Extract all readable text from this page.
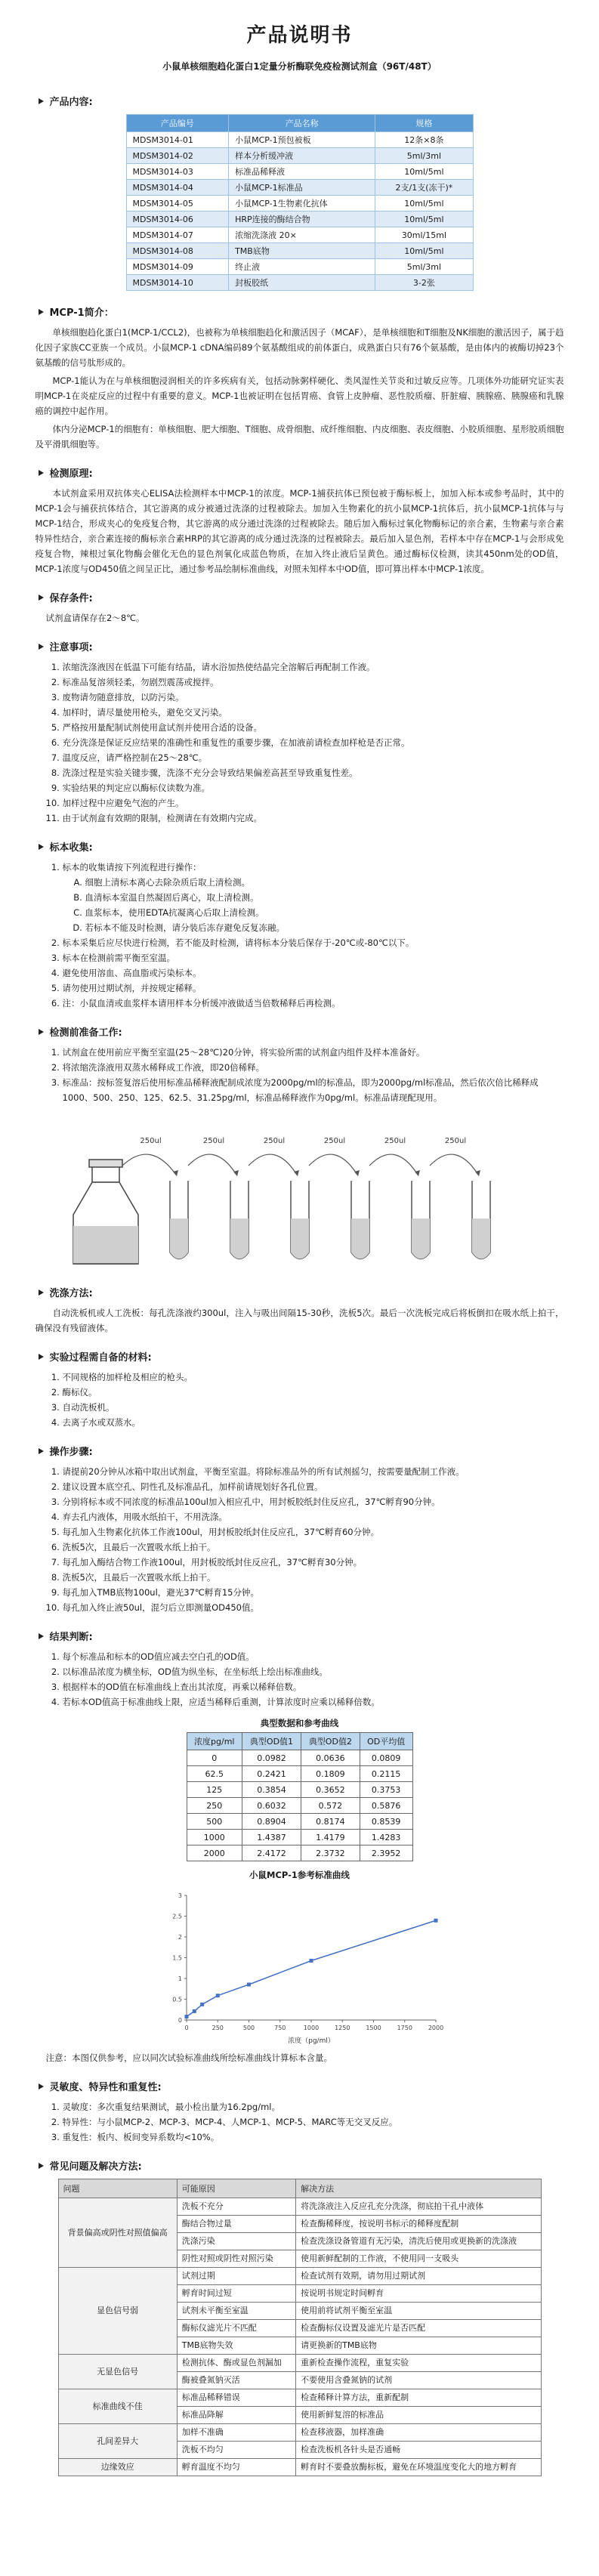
产品说明书
小鼠单核细胞趋化蛋白1定量分析酶联免疫检测试剂盒（96T/48T）
产品内容:
产品编号	产品名称	规格
MDSM3014-01	小鼠MCP-1预包被板	12条×8条
MDSM3014-02	样本分析缓冲液	5ml/3ml
MDSM3014-03	标准品稀释液	10ml/5ml
MDSM3014-04	小鼠MCP-1标准品	2支/1支(冻干)*
MDSM3014-05	小鼠MCP-1生物素化抗体	10ml/5ml
MDSM3014-06	HRP连接的酶结合物	10ml/5ml
MDSM3014-07	浓缩洗涤液 20×	30ml/15ml
MDSM3014-08	TMB底物	10ml/5ml
MDSM3014-09	终止液	5ml/3ml
MDSM3014-10	封板胶纸	3-2张
MCP-1简介：

单核细胞趋化蛋白1(MCP-1/CCL2)，也被称为单核细胞趋化和激活因子（MCAF），是单核细胞和T细胞及NK细胞的激活因子，属于趋化因子家族CC亚族一个成员。小鼠MCP-1 cDNA编码89个氨基酸组成的前体蛋白，成熟蛋白只有76个氨基酸，是由体内的被酶切掉23个氨基酸的信号肽形成的。

MCP-1能认为在与单核细胞浸润相关的许多疾病有关，包括动脉粥样硬化、类风湿性关节炎和过敏反应等。几项体外功能研究证实表明MCP-1在炎症反应的过程中有重要的意义。MCP-1也被证明在包括胃癌、食管上皮肿瘤、恶性胶质瘤、肝脏瘤、胰腺癌、胰腺癌和乳腺癌的调控中起作用。

体内分泌MCP-1的细胞有：单核细胞、肥大细胞、T细胞、成骨细胞、成纤维细胞、内皮细胞、表皮细胞、小胶质细胞、星形胶质细胞及平滑肌细胞等。

检测原理:

本试剂盒采用双抗体夹心ELISA法检测样本中MCP-1的浓度。MCP-1捕获抗体已预包被于酶标板上，加加入标本或参考品时，其中的MCP-1会与捕获抗体结合，其它游离的成分被通过洗涤的过程被除去。加加入生物素化的抗小鼠MCP-1抗体后，抗小鼠MCP-1抗体与与MCP-1结合，形成夹心的免疫复合物，其它游离的成分通过洗涤的过程被除去。随后加入酶标过氧化物酶标记的亲合素，生物素与亲合素特异性结合，亲合素连接的酶标亲合素HRP的其它游离的成分通过洗涤的过程被除去。最后加入显色剂，若样本中存在MCP-1与会形成免疫复合物，辣根过氧化物酶会催化无色的显色剂氧化成蓝色物质，在加入终止液后呈黄色。通过酶标仪检测，读其450nm处的OD值，MCP-1浓度与OD450值之间呈正比，通过参考品绘制标准曲线，对照未知样本中OD值，即可算出样本中MCP-1浓度。

保存条件:

试剂盒请保存在2～8℃。

注意事项:
1. 浓缩洗涤液因在低温下可能有结晶，请水浴加热使结晶完全溶解后再配制工作液。
2. 标准品复溶须轻柔，勿剧烈震荡或搅拌。
3. 废物请勿随意排放，以防污染。
4. 加样时，请尽量使用枪头，避免交叉污染。
5. 严格按用量配制试剂使用盒试剂并使用合适的设备。
6. 充分洗涤是保证反应结果的准确性和重复性的重要步骤，在加液前请检查加样枪是否正常。
7. 温度反应，请严格控制在25～28℃。
8. 洗涤过程是实验关键步骤，洗涤不充分会导致结果偏差高甚至导致重复性差。
9. 实验结果的判定应以酶标仪读数为准。
10. 加样过程中应避免气泡的产生。
11. 由于试剂盒有效期的限制，检测请在有效期内完成。
标本收集:
1. 标本的收集请按下列流程进行操作：
A. 细胞上清标本离心去除杂质后取上清检测。
B. 血清标本室温自然凝固后离心，取上清检测。
C. 血浆标本，使用EDTA抗凝离心后取上清检测。
D. 若标本不能及时检测，请分装后冻存避免反复冻融。
2. 标本采集后应尽快进行检测，若不能及时检测，请将标本分装后保存于-20℃或-80℃以下。
3. 标本在检测前需平衡至室温。
4. 避免使用溶血、高血脂或污染标本。
5. 请勿使用过期试剂，并按规定稀释。
6. 注：小鼠血清或血浆样本请用样本分析缓冲液做适当倍数稀释后再检测。
检测前准备工作:
1. 试剂盒在使用前应平衡至室温(25～28℃)20分钟，将实验所需的试剂盒内组件及样本准备好。
2. 将浓缩洗涤液用双蒸水稀释成工作液，即20倍稀释。
3. 标准品：按标签复溶后使用标准品稀释液配制成浓度为2000pg/ml的标准品，即为2000pg/ml标准品，然后依次倍比稀释成1000、500、250、125、62.5、31.25pg/ml，标准品稀释液作为0pg/ml。标准品请现配现用。
250ul	250ul	250ul	250ul	250ul	250ul
洗涤方法:

自动洗板机或人工洗板：每孔洗涤液约300ul，注入与吸出间隔15-30秒，洗板5次。最后一次洗板完成后将板倒扣在吸水纸上拍干，确保没有残留液体。

实验过程需自备的材料:
1. 不同规格的加样枪及相应的枪头。
2. 酶标仪。
3. 自动洗板机。
4. 去离子水或双蒸水。
操作步骤:
1. 请提前20分钟从冰箱中取出试剂盒，平衡至室温。将除标准品外的所有试剂摇匀，按需要量配制工作液。
2. 建议设置本底空孔、阴性孔及标准品孔，加样前请规划好各孔位置。
3. 分别将标本或不同浓度的标准品100ul加入相应孔中，用封板胶纸封住反应孔，37℃孵育90分钟。
4. 弃去孔内液体，用吸水纸拍干，不用洗涤。
5. 每孔加入生物素化抗体工作液100ul，用封板胶纸封住反应孔，37℃孵育60分钟。
6. 洗板5次，且最后一次置吸水纸上拍干。
7. 每孔加入酶结合物工作液100ul，用封板胶纸封住反应孔，37℃孵育30分钟。
8. 洗板5次，且最后一次置吸水纸上拍干。
9. 每孔加入TMB底物100ul，避光37℃孵育15分钟。
10. 每孔加入终止液50ul，混匀后立即测量OD450值。
结果判断:
1. 每个标准品和标本的OD值应减去空白孔的OD值。
2. 以标准品浓度为横坐标，OD值为纵坐标，在坐标纸上绘出标准曲线。
3. 根据样本的OD值在标准曲线上查出其浓度，再乘以稀释倍数。
4. 若标本OD值高于标准曲线上限，应适当稀释后重测，计算浓度时应乘以稀释倍数。
典型数据和参考曲线
浓度pg/ml	典型OD值1	典型OD值2	OD平均值
0	0.0982	0.0636	0.0809
62.5	0.2421	0.1809	0.2115
125	0.3854	0.3652	0.3753
250	0.6032	0.572	0.5876
500	0.8904	0.8174	0.8539
1000	1.4387	1.4179	1.4283
2000	2.4172	2.3732	2.3952
小鼠MCP-1参考标准曲线
0
0.5
1
1.5
2
2.5
3
0	250	500	750	1000	1250	1500	1750	2000
浓度（pg/ml）

注意：本图仅供参考，应以同次试验标准曲线所绘标准曲线计算标本含量。

灵敏度、特异性和重复性:
1. 灵敏度：多次重复结果测试，最小检出量为16.2pg/ml。
2. 特异性：与小鼠MCP-2、MCP-3、MCP-4、人MCP-1、MCP-5、MARC等无交叉反应。
3. 重复性：板内、板间变异系数均<10%。
常见问题及解决方法:
问题	可能原因	解决方法
背景偏高或阴性对照值偏高	洗板不充分	将洗涤液注入反应孔充分洗涤，彻底拍干孔中液体
	酶结合物过量	检查酶稀释度，按说明书标示的稀释度配制
	洗涤污染	检查洗涤设备管道有无污染，清洗后使用或更换新的洗涤液
	阴性对照或阴性对照污染	使用新鲜配制的工作液，不使用同一支吸头
显色信号弱	试剂过期	检查试剂有效期，请勿用过期试剂
	孵育时间过短	按说明书规定时间孵育
	试剂未平衡至室温	使用前将试剂平衡至室温
	酶标仪滤光片不匹配	检查酶标仪设置及滤光片是否匹配
	TMB底物失效	请更换新的TMB底物
无显色信号	检测抗体、酶或显色剂漏加	重新检查操作流程，重复实验
	酶被叠氮钠灭活	不要使用含叠氮钠的试剂
标准曲线不佳	标准品稀释错误	检查稀释计算方法，重新配制
	标准品降解	使用新鲜复溶的标准品
孔间差异大	加样不准确	检查移液器，加样准确
	洗板不均匀	检查洗板机各针头是否通畅
边缘效应	孵育温度不均匀	孵育时不要叠放酶标板，避免在环境温度变化大的地方孵育
